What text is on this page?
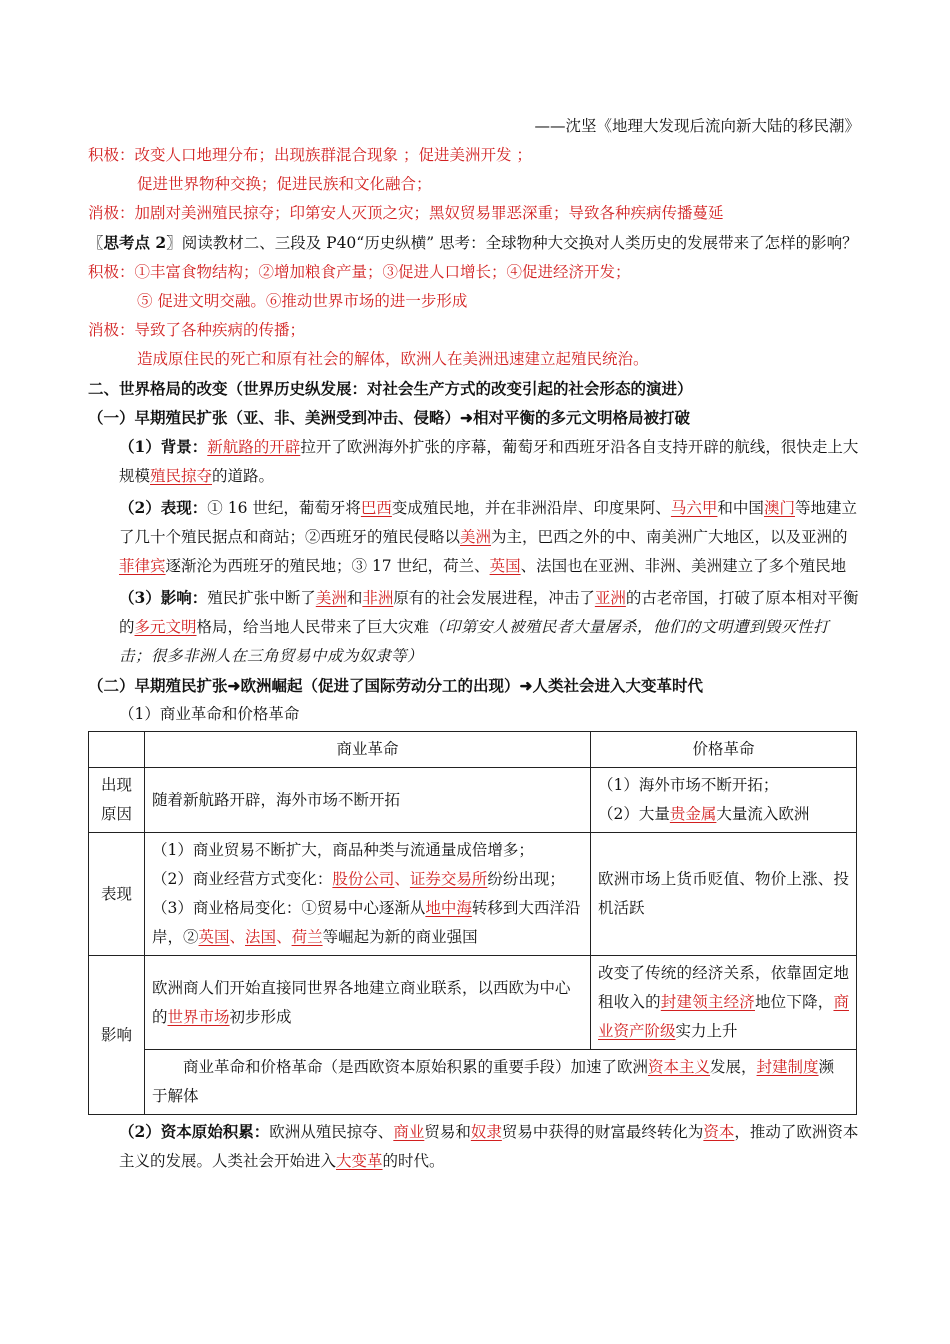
——沈坚《地理大发现后流向新大陆的移民潮》
积极：改变人口地理分布；出现族群混合现象 ；促进美洲开发 ；
促进世界物种交换；促进民族和文化融合；
消极：加剧对美洲殖民掠夺；印第安人灭顶之灾；黑奴贸易罪恶深重；导致各种疾病传播蔓延
〖思考点 2〗阅读教材二、三段及 P40“历史纵横” 思考：全球物种大交换对人类历史的发展带来了怎样的影响？
积极：①丰富食物结构；②增加粮食产量；③促进人口增长；④促进经济开发；
⑤ 促进文明交融。⑥推动世界市场的进一步形成
消极：导致了各种疾病的传播；
造成原住民的死亡和原有社会的解体，欧洲人在美洲迅速建立起殖民统治。
二、世界格局的改变（世界历史纵发展：对社会生产方式的改变引起的社会形态的演进）
（一）早期殖民扩张（亚、非、美洲受到冲击、侵略）➜相对平衡的多元文明格局被打破
（1）背景：新航路的开辟拉开了欧洲海外扩张的序幕，葡萄牙和西班牙沿各自支持开辟的航线，很快走上大规模殖民掠夺的道路。
（2）表现：① 16 世纪，葡萄牙将巴西变成殖民地，并在非洲沿岸、印度果阿、马六甲和中国澳门等地建立了几十个殖民据点和商站；②西班牙的殖民侵略以美洲为主，巴西之外的中、南美洲广大地区，以及亚洲的菲律宾逐渐沦为西班牙的殖民地；③ 17 世纪，荷兰、英国、法国也在亚洲、非洲、美洲建立了多个殖民地
（3）影响：殖民扩张中断了美洲和非洲原有的社会发展进程，冲击了亚洲的古老帝国，打破了原本相对平衡的多元文明格局，给当地人民带来了巨大灾难（印第安人被殖民者大量屠杀，他们的文明遭到毁灭性打击；很多非洲人在三角贸易中成为奴隶等）
（二）早期殖民扩张➜欧洲崛起（促进了国际劳动分工的出现）➜人类社会进入大变革时代
（1）商业革命和价格革命
	商业革命	价格革命
出现原因	随着新航路开辟，海外市场不断开拓	（1）海外市场不断开拓；
（2）大量贵金属大量流入欧洲

表现	（1）商业贸易不断扩大，商品种类与流通量成倍增多；
（2）商业经营方式变化：股份公司、证券交易所纷纷出现；
（3）商业格局变化：①贸易中心逐渐从地中海转移到大西洋沿岸，②英国、法国、荷兰等崛起为新的商业强国	欧洲市场上货币贬值、物价上涨、投机活跃
影响	欧洲商人们开始直接同世界各地建立商业联系，以西欧为中心的世界市场初步形成	改变了传统的经济关系，依靠固定地租收入的封建领主经济地位下降，商业资产阶级实力上升
	商业革命和价格革命（是西欧资本原始积累的重要手段）加速了欧洲资本主义发展，封建制度濒于解体	
（2）资本原始积累：欧洲从殖民掠夺、商业贸易和奴隶贸易中获得的财富最终转化为资本，推动了欧洲资本主义的发展。人类社会开始进入大变革的时代。
